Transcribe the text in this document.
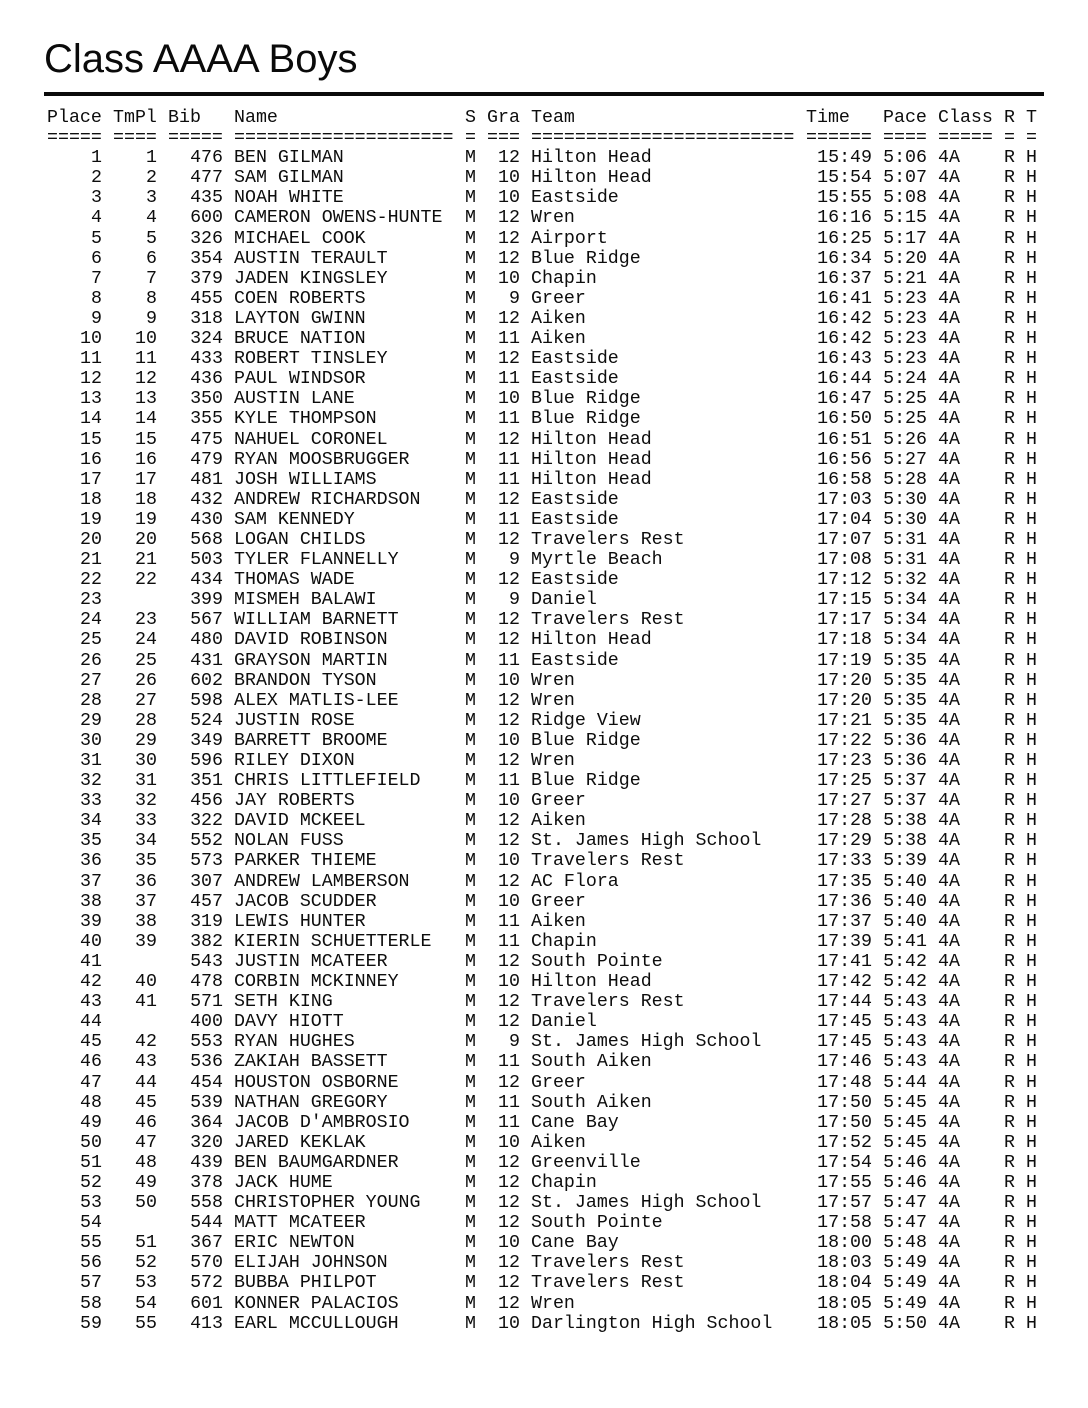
Class AAAA Boys
Place	TmPl	Bib	Name	S	Gra	Team	Time	Pace	Class	R	T
=====	====	=====	====================	=	===	========================	======	====	=====	=	=
1	1	476	BEN GILMAN	M	12	Hilton Head	15:49	5:06	4A	R	H
2	2	477	SAM GILMAN	M	10	Hilton Head	15:54	5:07	4A	R	H
3	3	435	NOAH WHITE	M	10	Eastside	15:55	5:08	4A	R	H
4	4	600	CAMERON OWENS-HUNTE	M	12	Wren	16:16	5:15	4A	R	H
5	5	326	MICHAEL COOK	M	12	Airport	16:25	5:17	4A	R	H
6	6	354	AUSTIN TERAULT	M	12	Blue Ridge	16:34	5:20	4A	R	H
7	7	379	JADEN KINGSLEY	M	10	Chapin	16:37	5:21	4A	R	H
8	8	455	COEN ROBERTS	M	9	Greer	16:41	5:23	4A	R	H
9	9	318	LAYTON GWINN	M	12	Aiken	16:42	5:23	4A	R	H
10	10	324	BRUCE NATION	M	11	Aiken	16:42	5:23	4A	R	H
11	11	433	ROBERT TINSLEY	M	12	Eastside	16:43	5:23	4A	R	H
12	12	436	PAUL WINDSOR	M	11	Eastside	16:44	5:24	4A	R	H
13	13	350	AUSTIN LANE	M	10	Blue Ridge	16:47	5:25	4A	R	H
14	14	355	KYLE THOMPSON	M	11	Blue Ridge	16:50	5:25	4A	R	H
15	15	475	NAHUEL CORONEL	M	12	Hilton Head	16:51	5:26	4A	R	H
16	16	479	RYAN MOOSBRUGGER	M	11	Hilton Head	16:56	5:27	4A	R	H
17	17	481	JOSH WILLIAMS	M	11	Hilton Head	16:58	5:28	4A	R	H
18	18	432	ANDREW RICHARDSON	M	12	Eastside	17:03	5:30	4A	R	H
19	19	430	SAM KENNEDY	M	11	Eastside	17:04	5:30	4A	R	H
20	20	568	LOGAN CHILDS	M	12	Travelers Rest	17:07	5:31	4A	R	H
21	21	503	TYLER FLANNELLY	M	9	Myrtle Beach	17:08	5:31	4A	R	H
22	22	434	THOMAS WADE	M	12	Eastside	17:12	5:32	4A	R	H
23		399	MISMEH BALAWI	M	9	Daniel	17:15	5:34	4A	R	H
24	23	567	WILLIAM BARNETT	M	12	Travelers Rest	17:17	5:34	4A	R	H
25	24	480	DAVID ROBINSON	M	12	Hilton Head	17:18	5:34	4A	R	H
26	25	431	GRAYSON MARTIN	M	11	Eastside	17:19	5:35	4A	R	H
27	26	602	BRANDON TYSON	M	10	Wren	17:20	5:35	4A	R	H
28	27	598	ALEX MATLIS-LEE	M	12	Wren	17:20	5:35	4A	R	H
29	28	524	JUSTIN ROSE	M	12	Ridge View	17:21	5:35	4A	R	H
30	29	349	BARRETT BROOME	M	10	Blue Ridge	17:22	5:36	4A	R	H
31	30	596	RILEY DIXON	M	12	Wren	17:23	5:36	4A	R	H
32	31	351	CHRIS LITTLEFIELD	M	11	Blue Ridge	17:25	5:37	4A	R	H
33	32	456	JAY ROBERTS	M	10	Greer	17:27	5:37	4A	R	H
34	33	322	DAVID MCKEEL	M	12	Aiken	17:28	5:38	4A	R	H
35	34	552	NOLAN FUSS	M	12	St. James High School	17:29	5:38	4A	R	H
36	35	573	PARKER THIEME	M	10	Travelers Rest	17:33	5:39	4A	R	H
37	36	307	ANDREW LAMBERSON	M	12	AC Flora	17:35	5:40	4A	R	H
38	37	457	JACOB SCUDDER	M	10	Greer	17:36	5:40	4A	R	H
39	38	319	LEWIS HUNTER	M	11	Aiken	17:37	5:40	4A	R	H
40	39	382	KIERIN SCHUETTERLE	M	11	Chapin	17:39	5:41	4A	R	H
41		543	JUSTIN MCATEER	M	12	South Pointe	17:41	5:42	4A	R	H
42	40	478	CORBIN MCKINNEY	M	10	Hilton Head	17:42	5:42	4A	R	H
43	41	571	SETH KING	M	12	Travelers Rest	17:44	5:43	4A	R	H
44		400	DAVY HIOTT	M	12	Daniel	17:45	5:43	4A	R	H
45	42	553	RYAN HUGHES	M	9	St. James High School	17:45	5:43	4A	R	H
46	43	536	ZAKIAH BASSETT	M	11	South Aiken	17:46	5:43	4A	R	H
47	44	454	HOUSTON OSBORNE	M	12	Greer	17:48	5:44	4A	R	H
48	45	539	NATHAN GREGORY	M	11	South Aiken	17:50	5:45	4A	R	H
49	46	364	JACOB D'AMBROSIO	M	11	Cane Bay	17:50	5:45	4A	R	H
50	47	320	JARED KEKLAK	M	10	Aiken	17:52	5:45	4A	R	H
51	48	439	BEN BAUMGARDNER	M	12	Greenville	17:54	5:46	4A	R	H
52	49	378	JACK HUME	M	12	Chapin	17:55	5:46	4A	R	H
53	50	558	CHRISTOPHER YOUNG	M	12	St. James High School	17:57	5:47	4A	R	H
54		544	MATT MCATEER	M	12	South Pointe	17:58	5:47	4A	R	H
55	51	367	ERIC NEWTON	M	10	Cane Bay	18:00	5:48	4A	R	H
56	52	570	ELIJAH JOHNSON	M	12	Travelers Rest	18:03	5:49	4A	R	H
57	53	572	BUBBA PHILPOT	M	12	Travelers Rest	18:04	5:49	4A	R	H
58	54	601	KONNER PALACIOS	M	12	Wren	18:05	5:49	4A	R	H
59	55	413	EARL MCCULLOUGH	M	10	Darlington High School	18:05	5:50	4A	R	H
